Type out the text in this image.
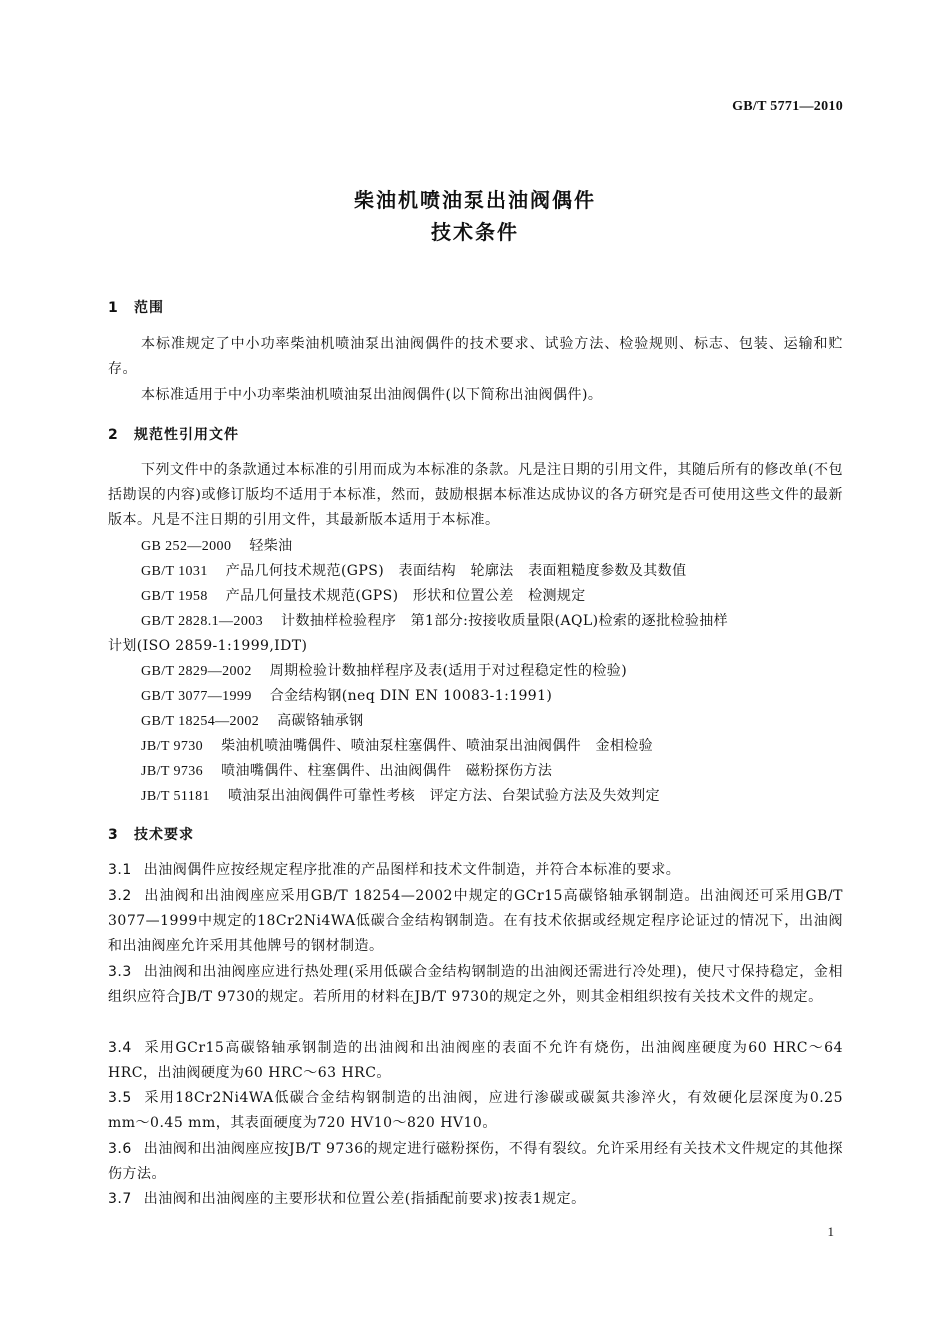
GB/T 5771—2010
柴油机喷油泵出油阀偶件
技术条件
1 范围
本标准规定了中小功率柴油机喷油泵出油阀偶件的技术要求、试验方法、检验规则、标志、包装、运输和贮存。
本标准适用于中小功率柴油机喷油泵出油阀偶件(以下简称出油阀偶件)。
2 规范性引用文件
下列文件中的条款通过本标准的引用而成为本标准的条款。凡是注日期的引用文件，其随后所有的修改单(不包括勘误的内容)或修订版均不适用于本标准，然而，鼓励根据本标准达成协议的各方研究是否可使用这些文件的最新版本。凡是不注日期的引用文件，其最新版本适用于本标准。
GB 252—2000 轻柴油
GB/T 1031 产品几何技术规范(GPS)　表面结构　轮廓法　表面粗糙度参数及其数值
GB/T 1958 产品几何量技术规范(GPS)　形状和位置公差　检测规定
GB/T 2828.1—2003 计数抽样检验程序　第1部分:按接收质量限(AQL)检索的逐批检验抽样
计划(ISO 2859-1:1999,IDT)
GB/T 2829—2002 周期检验计数抽样程序及表(适用于对过程稳定性的检验)
GB/T 3077—1999 合金结构钢(neq DIN EN 10083-1:1991)
GB/T 18254—2002 高碳铬轴承钢
JB/T 9730 柴油机喷油嘴偶件、喷油泵柱塞偶件、喷油泵出油阀偶件　金相检验
JB/T 9736 喷油嘴偶件、柱塞偶件、出油阀偶件　磁粉探伤方法
JB/T 51181 喷油泵出油阀偶件可靠性考核　评定方法、台架试验方法及失效判定
3 技术要求
3.1 出油阀偶件应按经规定程序批准的产品图样和技术文件制造，并符合本标准的要求。
3.2 出油阀和出油阀座应采用GB/T 18254—2002中规定的GCr15高碳铬轴承钢制造。出油阀还可采用GB/T 3077—1999中规定的18Cr2Ni4WA低碳合金结构钢制造。在有技术依据或经规定程序论证过的情况下，出油阀和出油阀座允许采用其他牌号的钢材制造。
3.3 出油阀和出油阀座应进行热处理(采用低碳合金结构钢制造的出油阀还需进行冷处理)，使尺寸保持稳定，金相组织应符合JB/T 9730的规定。若所用的材料在JB/T 9730的规定之外，则其金相组织按有关技术文件的规定。
3.4 采用GCr15高碳铬轴承钢制造的出油阀和出油阀座的表面不允许有烧伤，出油阀座硬度为60 HRC～64 HRC，出油阀硬度为60 HRC～63 HRC。
3.5 采用18Cr2Ni4WA低碳合金结构钢制造的出油阀，应进行渗碳或碳氮共渗淬火，有效硬化层深度为0.25 mm～0.45 mm，其表面硬度为720 HV10～820 HV10。
3.6 出油阀和出油阀座应按JB/T 9736的规定进行磁粉探伤，不得有裂纹。允许采用经有关技术文件规定的其他探伤方法。
3.7 出油阀和出油阀座的主要形状和位置公差(指插配前要求)按表1规定。
1
